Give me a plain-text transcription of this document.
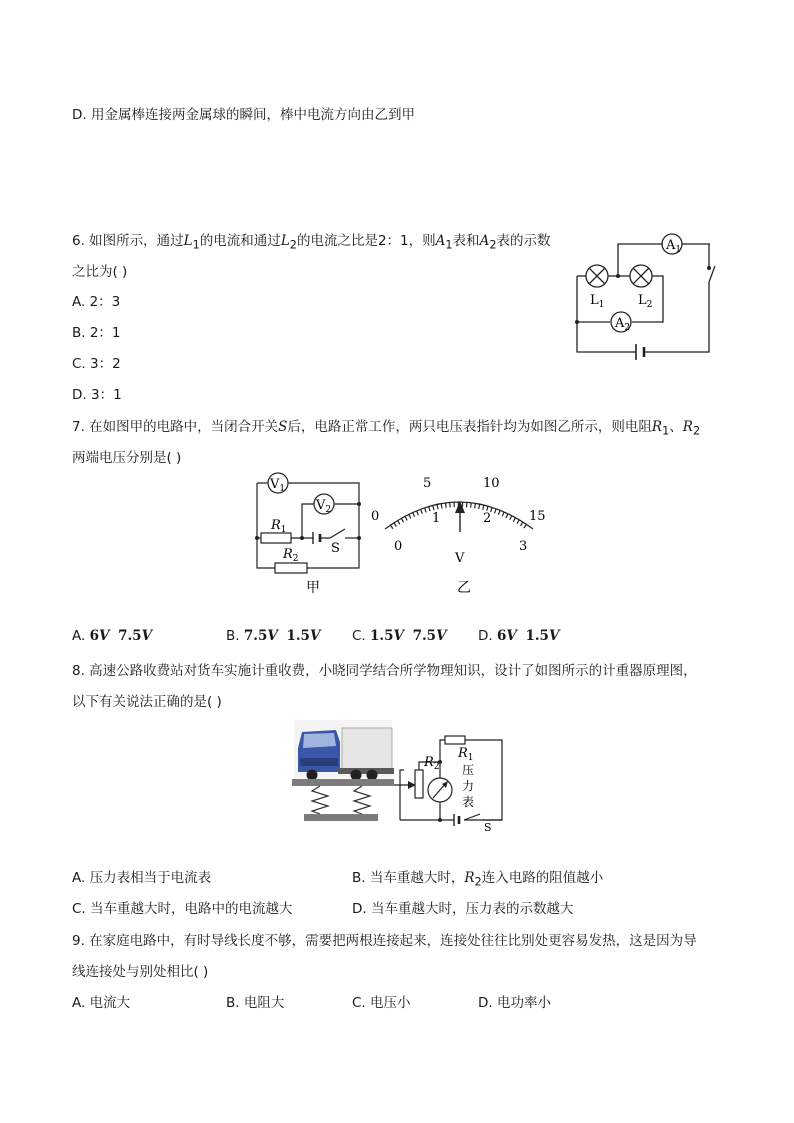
D. 用金属棒连接两金属球的瞬间，棒中电流方向由乙到甲
6. 如图所示，通过$L_1$的电流和通过$L_2$的电流之比是2：1，则$A_1$表和$A_2$表的示数
之比为( )
A. 2：3
B. 2：1
C. 3：2
D. 3：1
$A_1$
$A_2$
$L_1$	$L_2$
7. 在如图甲的电路中，当闭合开关S后，电路正常工作，两只电压表指针均为如图乙所示，则电阻$R_1$、$R_2$
两端电压分别是( )
$V_1$
$V_2$
$R_1$
$R_2$
S
甲
0
5	10
15
0
1	2
3
V
乙
A. 6V 7.5V	B. 7.5V 1.5V C. 1.5V 7.5V D. 6V 1.5V
8. 高速公路收费站对货车实施计重收费，小晓同学结合所学物理知识，设计了如图所示的计重器原理图，
以下有关说法正确的是( )
$R_1$
$R_2$ 压
力
表
S
A. 压力表相当于电流表	B. 当车重越大时，$R_2$连入电路的阻值越小
C. 当车重越大时，电路中的电流越大	D. 当车重越大时，压力表的示数越大
9. 在家庭电路中，有时导线长度不够，需要把两根连接起来，连接处往往比别处更容易发热，这是因为导
线连接处与别处相比( )
A. 电流大	B. 电阻大	C. 电压小	D. 电功率小
